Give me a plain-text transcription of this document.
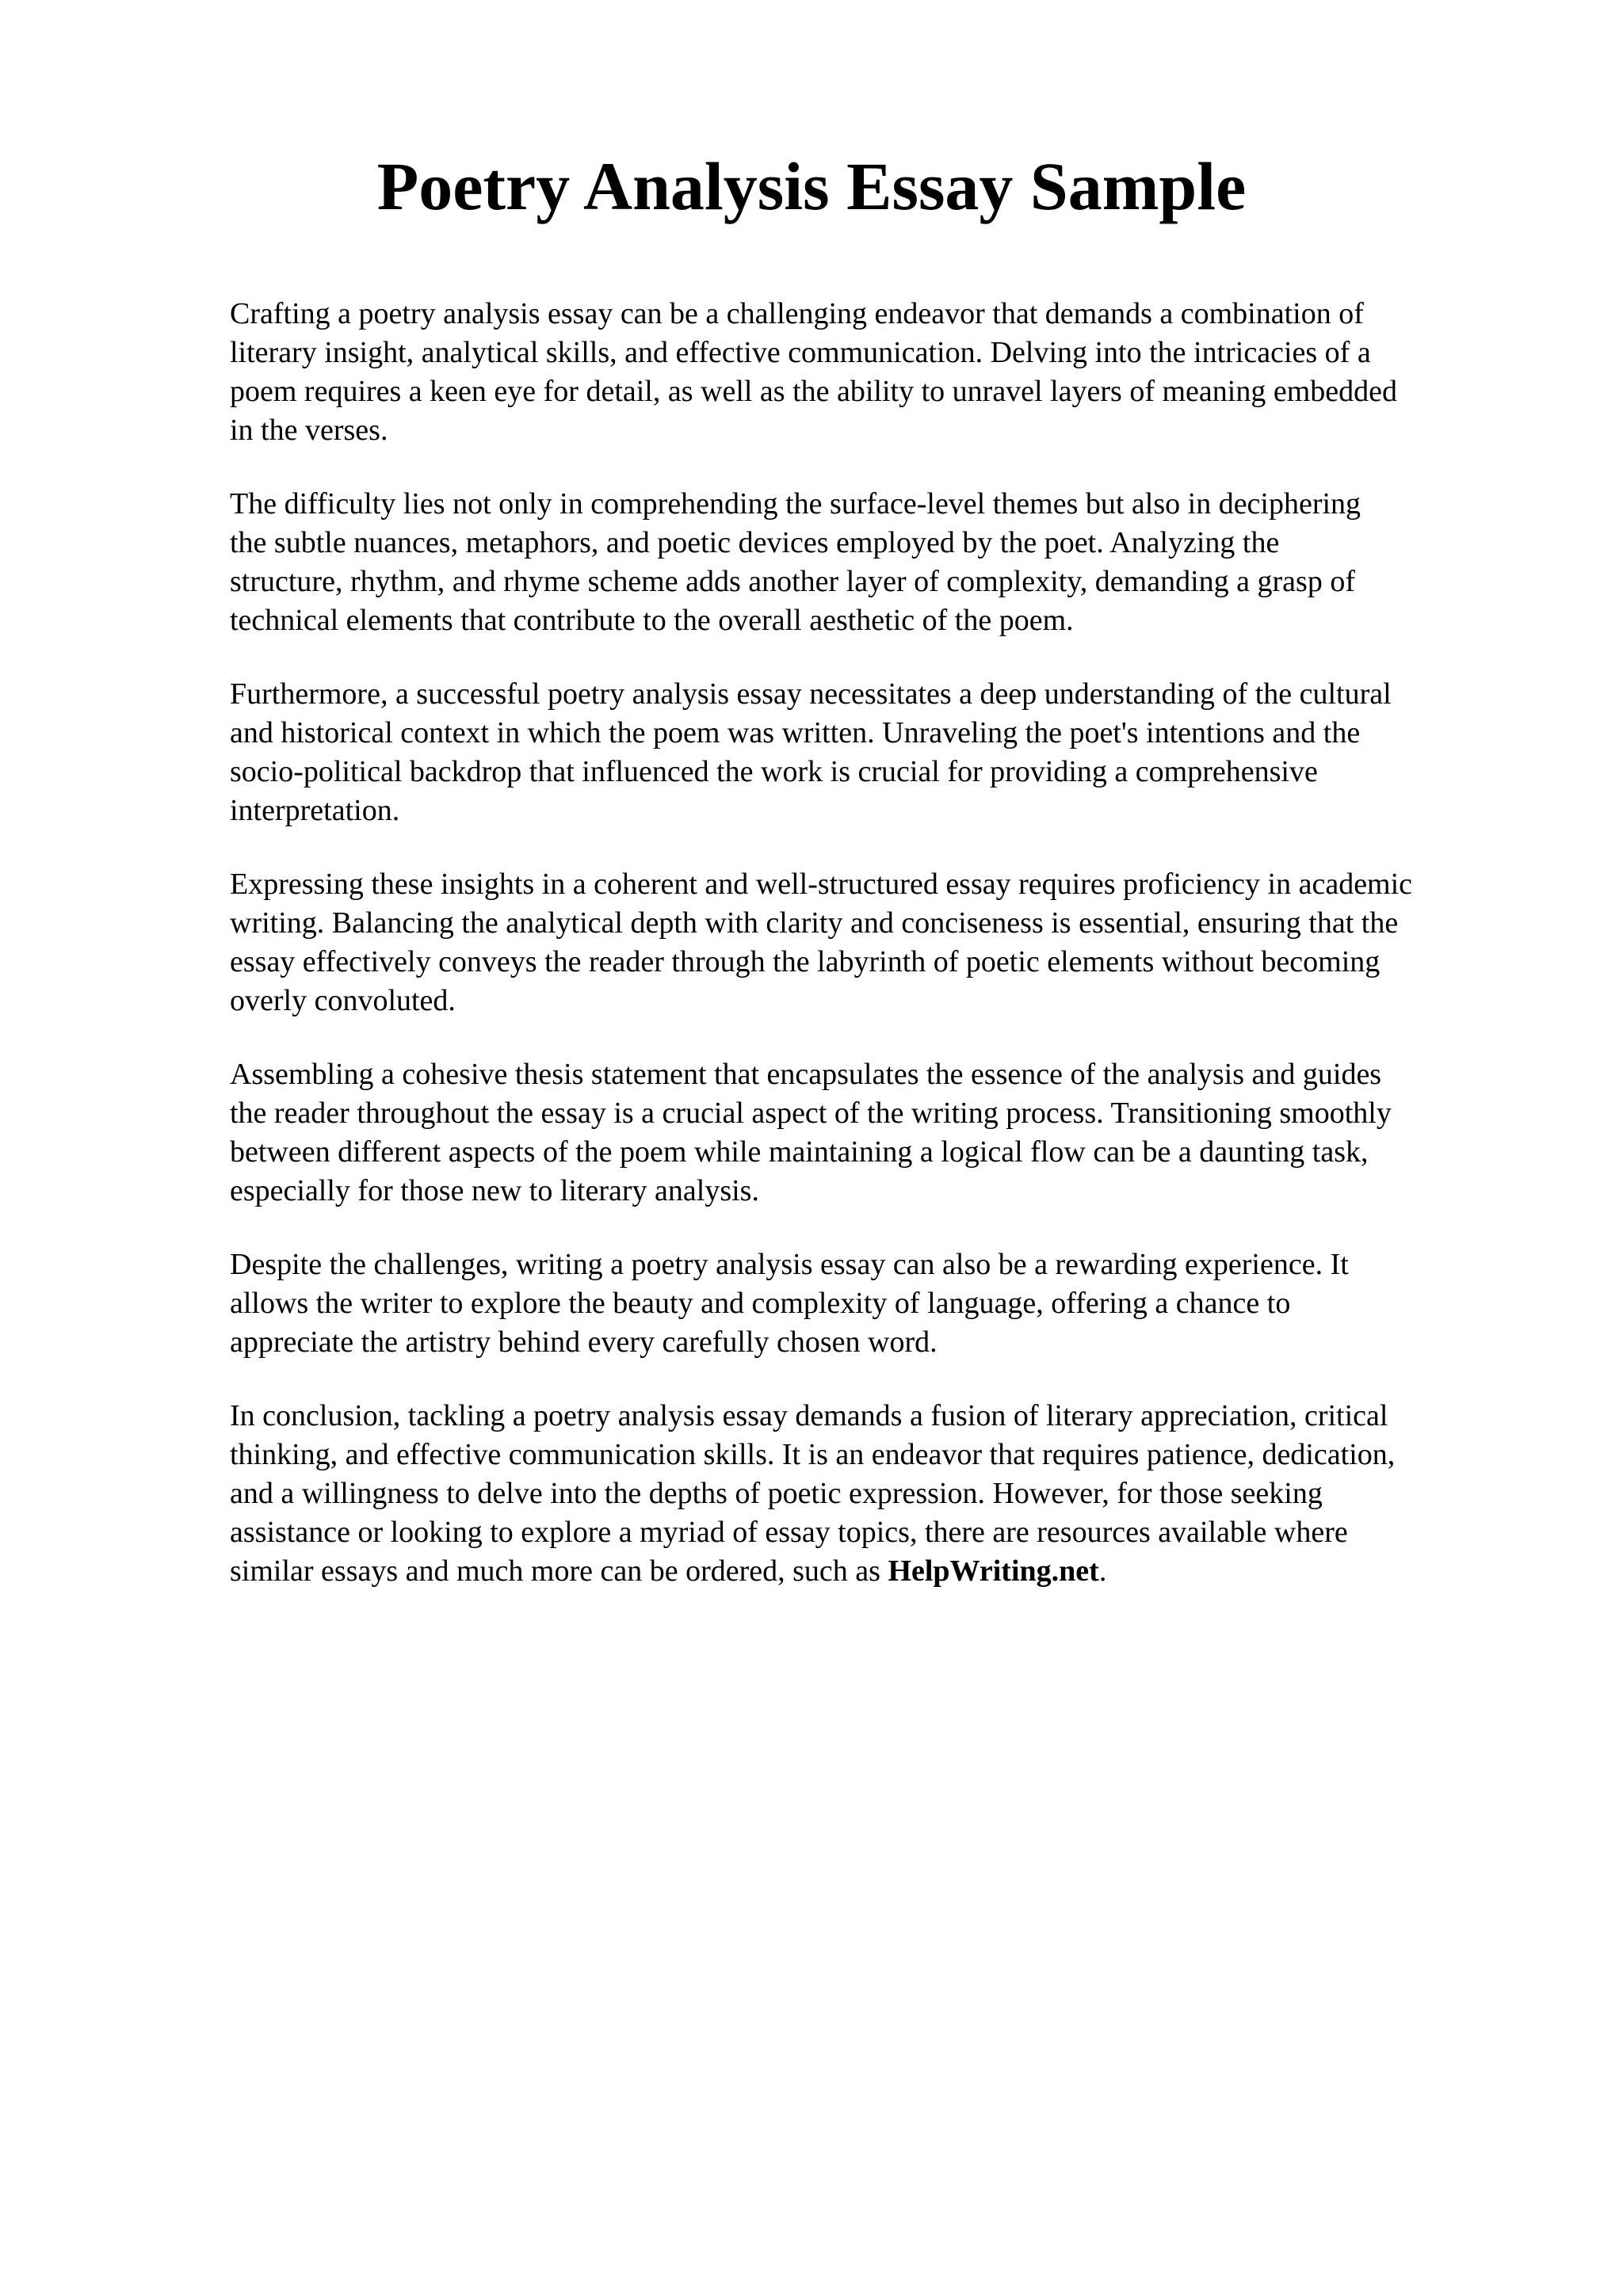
Poetry Analysis Essay Sample

Crafting a poetry analysis essay can be a challenging endeavor that demands a combination of
literary insight, analytical skills, and effective communication. Delving into the intricacies of a
poem requires a keen eye for detail, as well as the ability to unravel layers of meaning embedded
in the verses.

The difficulty lies not only in comprehending the surface-level themes but also in deciphering
the subtle nuances, metaphors, and poetic devices employed by the poet. Analyzing the
structure, rhythm, and rhyme scheme adds another layer of complexity, demanding a grasp of
technical elements that contribute to the overall aesthetic of the poem.

Furthermore, a successful poetry analysis essay necessitates a deep understanding of the cultural
and historical context in which the poem was written. Unraveling the poet's intentions and the
socio-political backdrop that influenced the work is crucial for providing a comprehensive
interpretation.

Expressing these insights in a coherent and well-structured essay requires proficiency in academic
writing. Balancing the analytical depth with clarity and conciseness is essential, ensuring that the
essay effectively conveys the reader through the labyrinth of poetic elements without becoming
overly convoluted.

Assembling a cohesive thesis statement that encapsulates the essence of the analysis and guides
the reader throughout the essay is a crucial aspect of the writing process. Transitioning smoothly
between different aspects of the poem while maintaining a logical flow can be a daunting task,
especially for those new to literary analysis.

Despite the challenges, writing a poetry analysis essay can also be a rewarding experience. It
allows the writer to explore the beauty and complexity of language, offering a chance to
appreciate the artistry behind every carefully chosen word.

In conclusion, tackling a poetry analysis essay demands a fusion of literary appreciation, critical
thinking, and effective communication skills. It is an endeavor that requires patience, dedication,
and a willingness to delve into the depths of poetic expression. However, for those seeking
assistance or looking to explore a myriad of essay topics, there are resources available where
similar essays and much more can be ordered, such as HelpWriting.net.
